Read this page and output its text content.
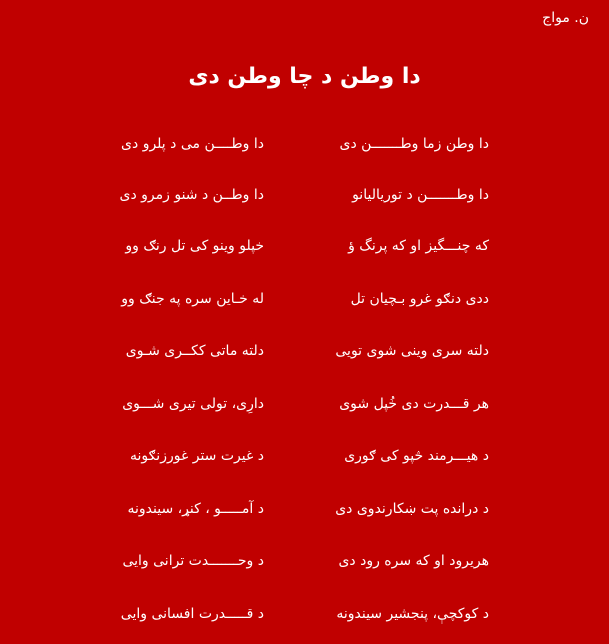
ن. مواج
دا وطن د چا وطن دی
دا وطن زما وطـــــــن دی
دا وطــــن می د پلرو دی
دا وطـــــــن د توریالیانو
دا وطــن د شنو زمرو دی
که چنـــگیز او که پرنگ ؤ
خپلو وینو کی تل رنګ وو
ددی دنګو غرو بـچیان تل
له خـاین سره په جنګ وو
دلته سری وینی شوی تویی
دلته ماتی ککــری شـوی
هر قـــدرت دی خُپل شوی
دارِی، تولی تیری شـــوی
د هیـــرمند څپو کی ګوری
د غیرت ستر غورزنګونه
د درانده پت ښکارندوی دی
د آمـــــو ، کنړ، سیندونه
هریرود او که سره رود دی
د وحـــــــدت ترانی وایی
د کوکچې، پنجشیر سیندونه
د قـــــدرت افسانی وایی
